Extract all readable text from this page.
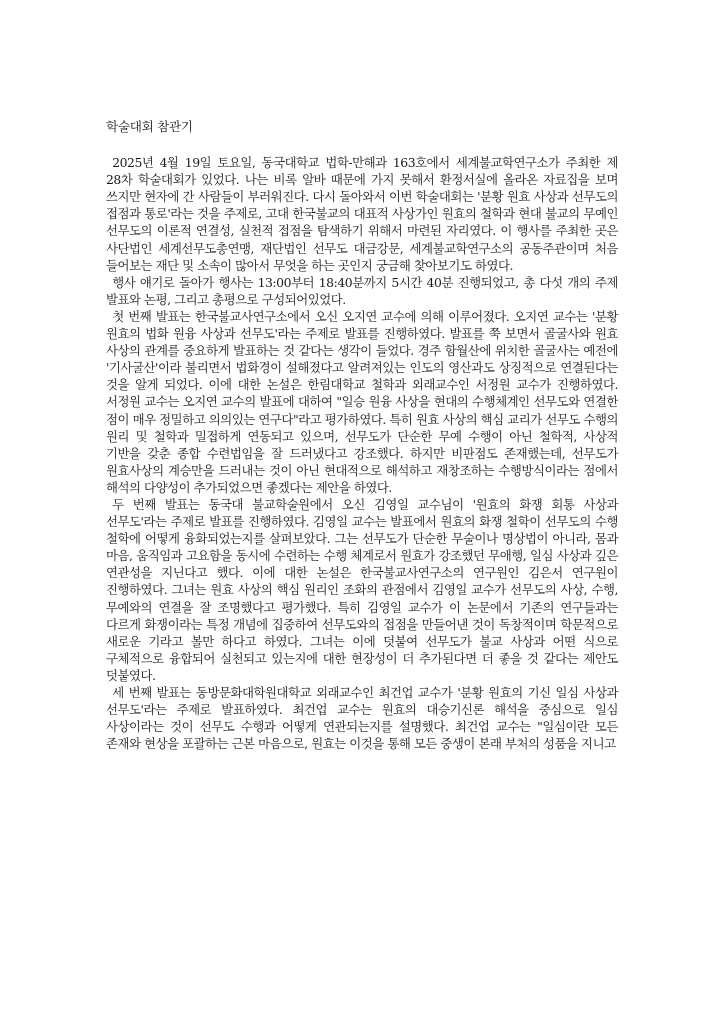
학술대회 참관기

2025년 4월 19일 토요일, 동국대학교 법학-만해과 163호에서 세계불교학연구소가 주최한 제 28차 학술대회가 있었다. 나는 비록 알바 때문에 가지 못해서 환정서실에 올라온 자료집을 보며 쓰지만 현자에 간 사람들이 부러워진다. 다시 돌아와서 이번 학술대회는 '분황 원효 사상과 선무도의 접점과 통로'라는 것을 주제로, 고대 한국불교의 대표적 사상가인 원효의 철학과 현대 불교의 무예인 선무도의 이론적 연결성, 실천적 접점을 탐색하기 위해서 마련된 자리였다. 이 행사를 주최한 곳은 사단법인 세계선무도총연맹, 재단법인 선무도 대금강문, 세계불교학연구소의 공동주관이며 처음 들어보는 재단 및 소속이 많아서 무엇을 하는 곳인지 궁금해 찾아보기도 하였다.

행사 얘기로 돌아가 행사는 13:00부터 18:40분까지 5시간 40분 진행되었고, 총 다섯 개의 주제 발표와 논평, 그리고 총평으로 구성되어있었다.

첫 번째 발표는 한국불교사연구소에서 오신 오지연 교수에 의해 이루어졌다. 오지연 교수는 '분황 원효의 법화 원융 사상과 선무도'라는 주제로 발표를 진행하였다. 발표를 쭉 보면서 골굴사와 원효 사상의 관계를 중요하게 발표하는 것 같다는 생각이 들었다. 경주 함월산에 위치한 골굴사는 예전에 '기사굴산'이라 불리면서 법화경이 설해졌다고 알려져있는 인도의 영산과도 상징적으로 연결된다는 것을 알게 되었다. 이에 대한 논설은 한림대학교 철학과 외래교수인 서정원 교수가 진행하였다. 서정원 교수는 오지연 교수의 발표에 대하여 "일승 원융 사상을 현대의 수행체계인 선무도와 연결한 점이 매우 정밀하고 의의있는 연구다"라고 평가하였다. 특히 원효 사상의 핵심 교리가 선무도 수행의 원리 및 철학과 밀접하게 연동되고 있으며, 선무도가 단순한 무예 수행이 아닌 철학적, 사상적 기반을 갖춘 종합 수련법임을 잘 드러냈다고 강조했다. 하지만 비판점도 존재했는데, 선무도가 원효사상의 계승만을 드러내는 것이 아닌 현대적으로 해석하고 재창조하는 수행방식이라는 점에서 해석의 다양성이 추가되었으면 좋겠다는 제안을 하였다.

두 번째 발표는 동국대 불교학술원에서 오신 김영일 교수님이 '원효의 화쟁 회통 사상과 선무도'라는 주제로 발표를 진행하였다. 김영일 교수는 발표에서 원효의 화쟁 철학이 선무도의 수행 철학에 어떻게 융화되었는지를 살펴보았다. 그는 선무도가 단순한 무술이나 명상법이 아니라, 몸과 마음, 움직임과 고요함을 동시에 수련하는 수행 체계로서 원효가 강조했던 무애행, 일심 사상과 깊은 연관성을 지닌다고 했다. 이에 대한 논설은 한국불교사연구소의 연구원인 김은서 연구원이 진행하였다. 그녀는 원효 사상의 핵심 원리인 조화의 관점에서 김영일 교수가 선무도의 사상, 수행, 무예와의 연결을 잘 조명했다고 평가했다. 특히 김영일 교수가 이 논문에서 기존의 연구들과는 다르게 화쟁이라는 특정 개념에 집중하여 선무도와의 접점을 만들어낸 것이 독창적이며 학문적으로 새로운 기라고 볼만 하다고 하였다. 그녀는 이에 덧붙여 선무도가 불교 사상과 어떤 식으로 구체적으로 융합되어 실천되고 있는지에 대한 현장성이 더 추가된다면 더 좋을 것 같다는 제안도 덧붙였다.

세 번째 발표는 동방문화대학원대학교 외래교수인 최건업 교수가 '분황 원효의 기신 일심 사상과 선무도'라는 주제로 발표하였다. 최건업 교수는 원효의 대승기신론 해석을 중심으로 일심 사상이라는 것이 선무도 수행과 어떻게 연관되는지를 설명했다. 최건업 교수는 "일심이란 모든 존재와 현상을 포괄하는 근본 마음으로, 원효는 이것을 통해 모든 중생이 본래 부처의 성품을 지니고
